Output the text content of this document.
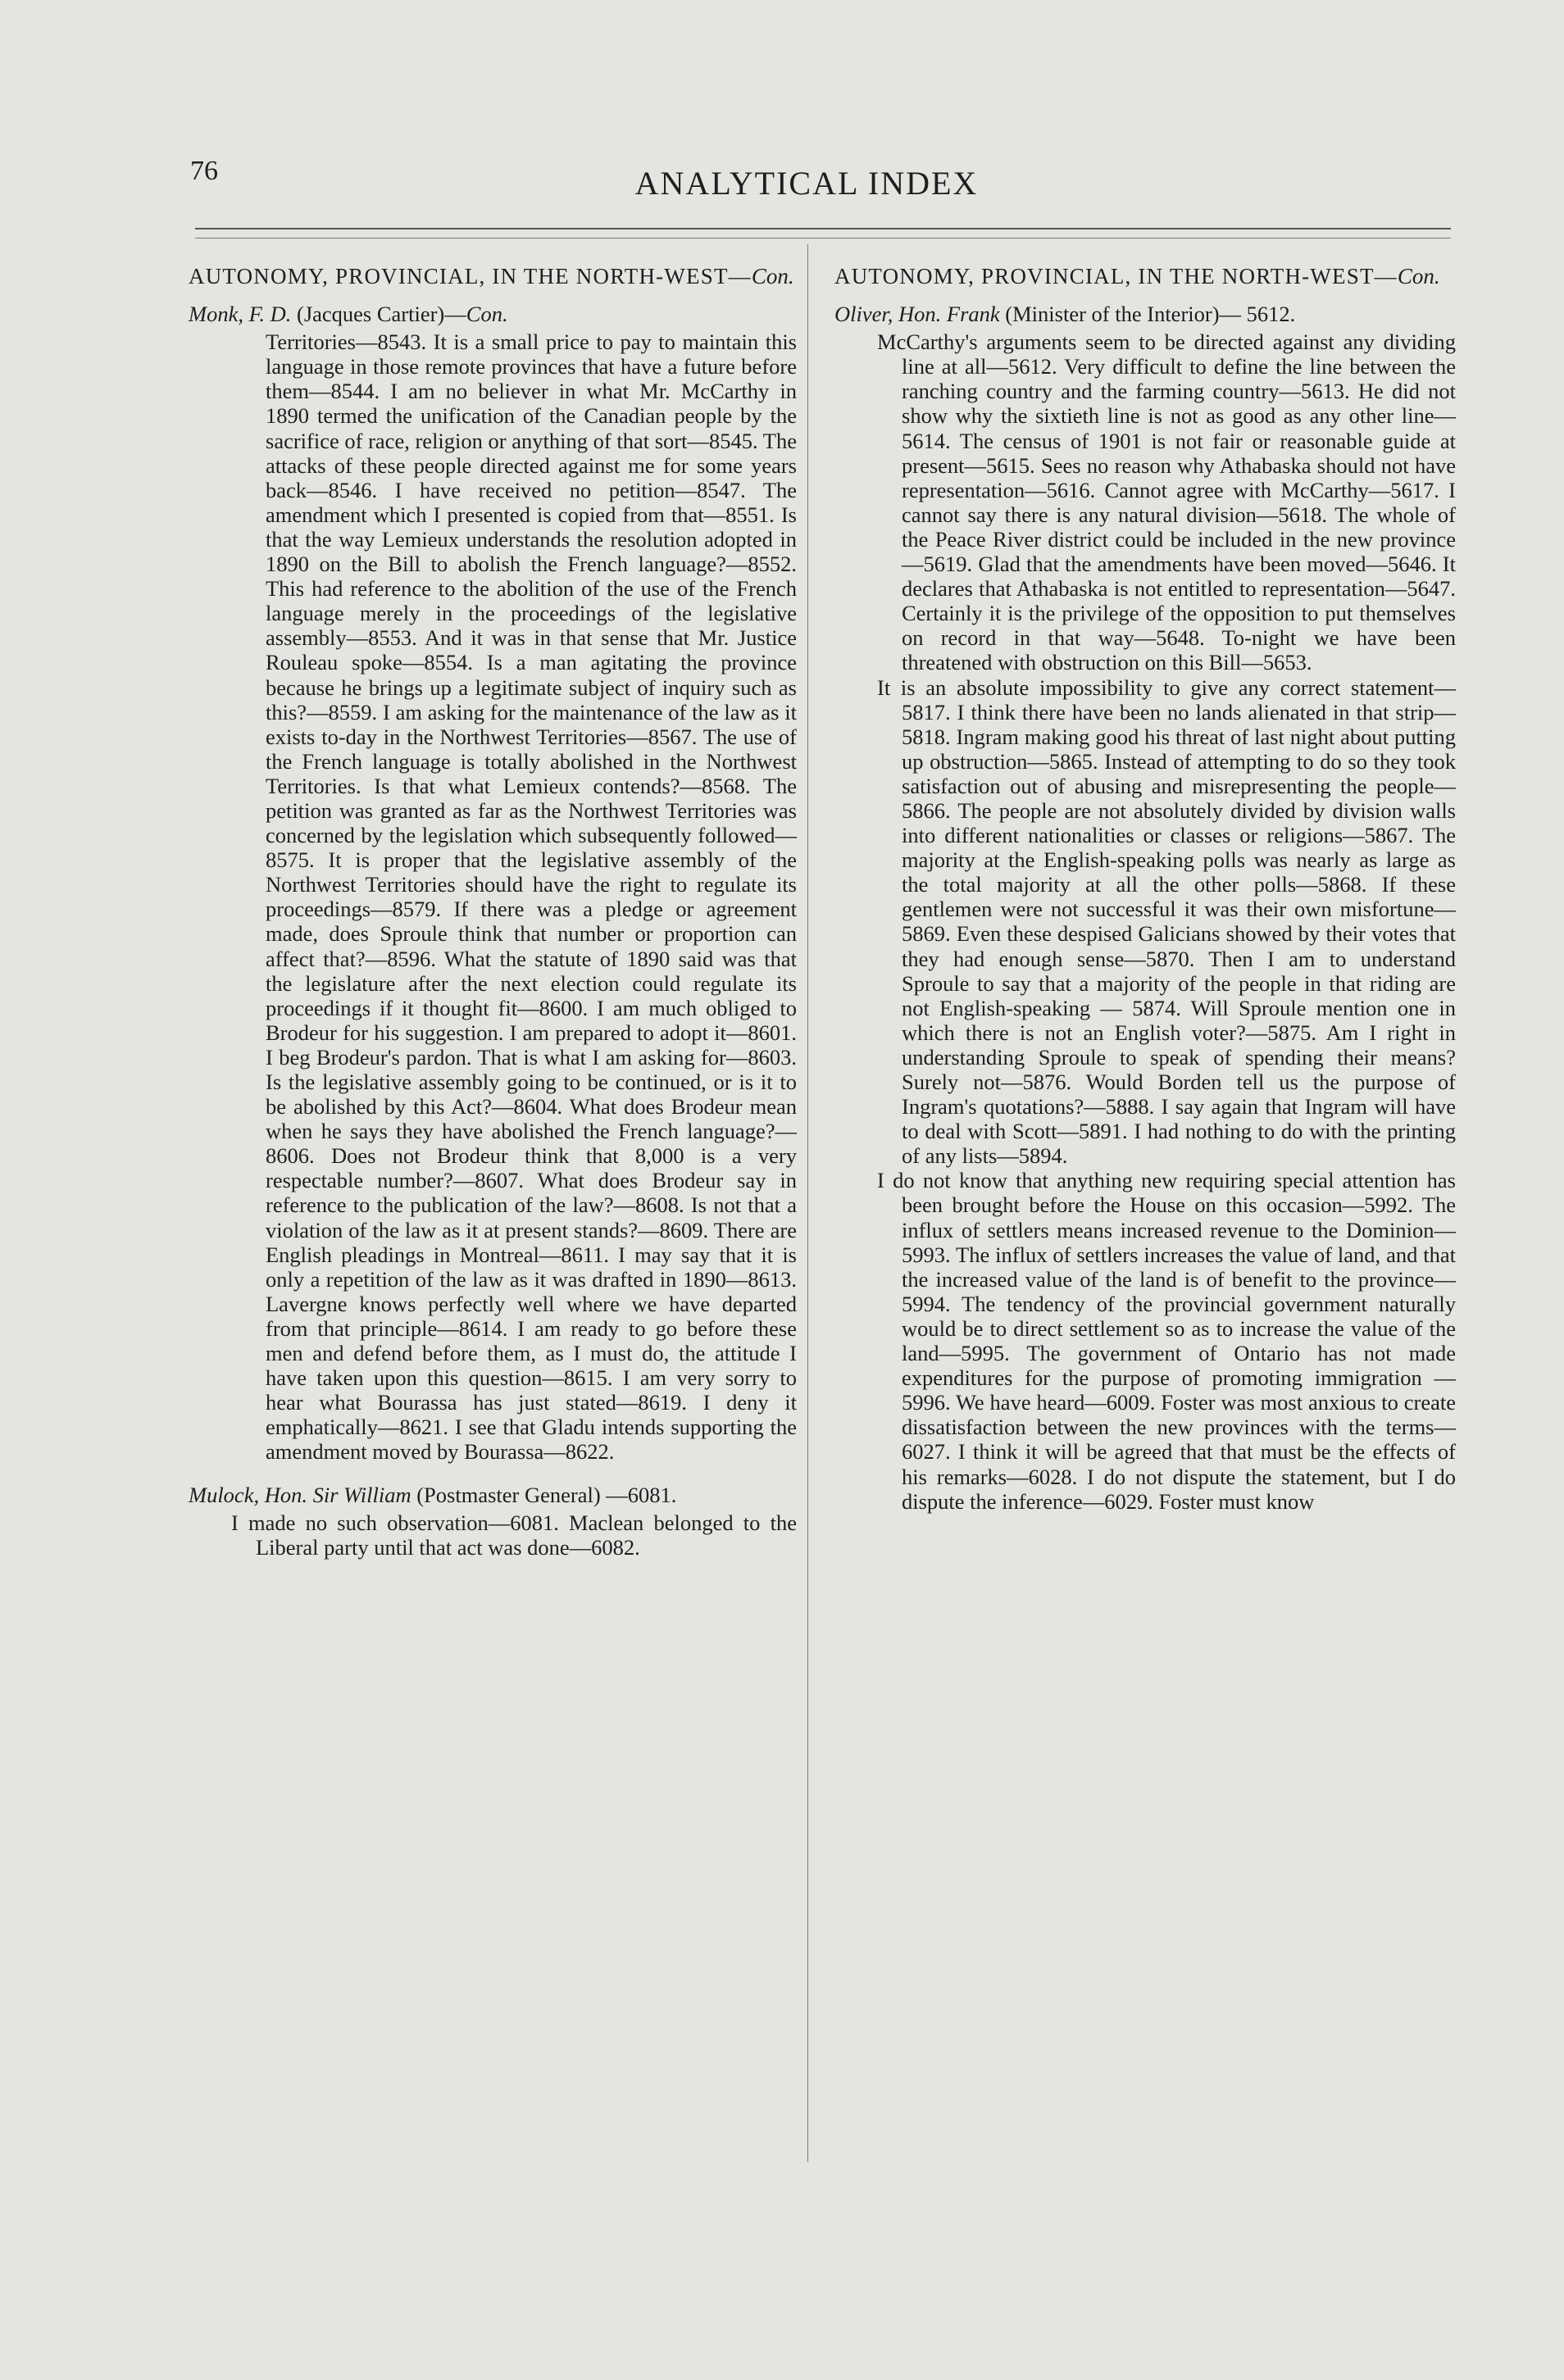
76	ANALYTICAL INDEX

AUTONOMY, PROVINCIAL, IN THE NORTH-WEST—Con.

Monk, F. D. (Jacques Cartier)—Con.

Territories—8543. It is a small price to pay to maintain this language in those remote provinces that have a future before them—8544. I am no believer in what Mr. McCarthy in 1890 termed the unification of the Canadian people by the sacrifice of race, religion or anything of that sort—8545. The attacks of these people directed against me for some years back—8546. I have received no petition—8547. The amendment which I presented is copied from that—8551. Is that the way Lemieux understands the resolution adopted in 1890 on the Bill to abolish the French language?—8552. This had reference to the abolition of the use of the French language merely in the proceedings of the legislative assembly—8553. And it was in that sense that Mr. Justice Rouleau spoke—8554. Is a man agitating the province because he brings up a legitimate subject of inquiry such as this?—8559. I am asking for the maintenance of the law as it exists to-day in the Northwest Territories—8567. The use of the French language is totally abolished in the Northwest Territories. Is that what Lemieux contends?—8568. The petition was granted as far as the Northwest Territories was concerned by the legislation which subsequently followed—8575. It is proper that the legislative assembly of the Northwest Territories should have the right to regulate its proceedings—8579. If there was a pledge or agreement made, does Sproule think that number or proportion can affect that?—8596. What the statute of 1890 said was that the legislature after the next election could regulate its proceedings if it thought fit—8600. I am much obliged to Brodeur for his suggestion. I am prepared to adopt it—8601. I beg Brodeur's pardon. That is what I am asking for—8603. Is the legislative assembly going to be continued, or is it to be abolished by this Act?—8604. What does Brodeur mean when he says they have abolished the French language?—8606. Does not Brodeur think that 8,000 is a very respectable number?—8607. What does Brodeur say in reference to the publication of the law?—8608. Is not that a violation of the law as it at present stands?—8609. There are English pleadings in Montreal—8611. I may say that it is only a repetition of the law as it was drafted in 1890—8613. Lavergne knows perfectly well where we have departed from that principle—8614. I am ready to go before these men and defend before them, as I must do, the attitude I have taken upon this question—8615. I am very sorry to hear what Bourassa has just stated—8619. I deny it emphatically—8621. I see that Gladu intends supporting the amendment moved by Bourassa—8622.

Mulock, Hon. Sir William (Postmaster General) —6081.

I made no such observation—6081. Maclean belonged to the Liberal party until that act was done—6082.

AUTONOMY, PROVINCIAL, IN THE NORTH-WEST—Con.

Oliver, Hon. Frank (Minister of the Interior)— 5612.

McCarthy's arguments seem to be directed against any dividing line at all—5612. Very difficult to define the line between the ranching country and the farming country—5613. He did not show why the sixtieth line is not as good as any other line—5614. The census of 1901 is not fair or reasonable guide at present—5615. Sees no reason why Athabaska should not have representation—5616. Cannot agree with McCarthy—5617. I cannot say there is any natural division—5618. The whole of the Peace River district could be included in the new province—5619. Glad that the amendments have been moved—5646. It declares that Athabaska is not entitled to representation—5647. Certainly it is the privilege of the opposition to put themselves on record in that way—5648. To-night we have been threatened with obstruction on this Bill—5653.

It is an absolute impossibility to give any correct statement—5817. I think there have been no lands alienated in that strip—5818. Ingram making good his threat of last night about putting up obstruction—5865. Instead of attempting to do so they took satisfaction out of abusing and misrepresenting the people—5866. The people are not absolutely divided by division walls into different nationalities or classes or religions—5867. The majority at the English-speaking polls was nearly as large as the total majority at all the other polls—5868. If these gentlemen were not successful it was their own misfortune—5869. Even these despised Galicians showed by their votes that they had enough sense—5870. Then I am to understand Sproule to say that a majority of the people in that riding are not English-speaking — 5874. Will Sproule mention one in which there is not an English voter?—5875. Am I right in understanding Sproule to speak of spending their means? Surely not—5876. Would Borden tell us the purpose of Ingram's quotations?—5888. I say again that Ingram will have to deal with Scott—5891. I had nothing to do with the printing of any lists—5894.

I do not know that anything new requiring special attention has been brought before the House on this occasion—5992. The influx of settlers means increased revenue to the Dominion—5993. The influx of settlers increases the value of land, and that the increased value of the land is of benefit to the province—5994. The tendency of the provincial government naturally would be to direct settlement so as to increase the value of the land—5995. The government of Ontario has not made expenditures for the purpose of promoting immigration — 5996. We have heard—6009. Foster was most anxious to create dissatisfaction between the new provinces with the terms—6027. I think it will be agreed that that must be the effects of his remarks—6028. I do not dispute the statement, but I do dispute the inference—6029. Foster must know
